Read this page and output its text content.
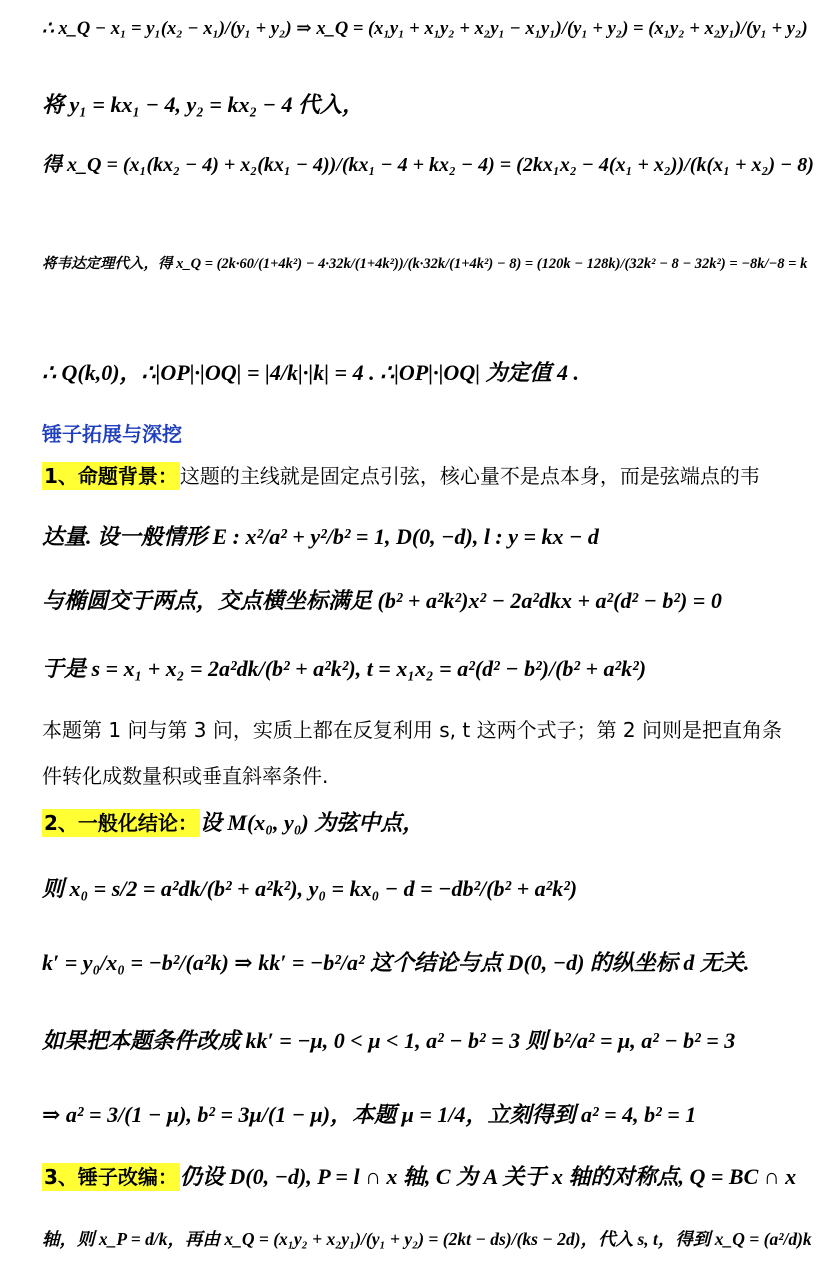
∴ x_Q − x₁ = y₁(x₂ − x₁)/(y₁ + y₂) ⇒ x_Q = (x₁y₁ + x₁y₂ + x₂y₁ − x₁y₁)/(y₁ + y₂) = (x₁y₂ + x₂y₁)/(y₁ + y₂)
将 y₁ = kx₁ − 4, y₂ = kx₂ − 4 代入，
得 x_Q = (x₁(kx₂ − 4) + x₂(kx₁ − 4))/(kx₁ − 4 + kx₂ − 4) = (2kx₁x₂ − 4(x₁ + x₂))/(k(x₁ + x₂) − 8)
将韦达定理代入，得 x_Q = (2k·60/(1+4k²) − 4·32k/(1+4k²))/(k·32k/(1+4k²) − 8) = (120k − 128k)/(32k² − 8 − 32k²) = −8k/−8 = k
∴ Q(k,0)，∴|OP|·|OQ| = |4/k|·|k| = 4 . ∴|OP|·|OQ| 为定值 4 .
锤子拓展与深挖
1、命题背景： 这题的主线就是固定点引弦，核心量不是点本身，而是弦端点的韦
达量. 设一般情形 E : x²/a² + y²/b² = 1, D(0, −d), l : y = kx − d
与椭圆交于两点，交点横坐标满足 (b² + a²k²)x² − 2a²dkx + a²(d² − b²) = 0
于是 s = x₁ + x₂ = 2a²dk/(b² + a²k²), t = x₁x₂ = a²(d² − b²)/(b² + a²k²)
本题第 1 问与第 3 问，实质上都在反复利用 s, t 这两个式子；第 2 问则是把直角条
件转化成数量积或垂直斜率条件.
2、一般化结论：设 M(x₀, y₀) 为弦中点，
则 x₀ = s/2 = a²dk/(b² + a²k²), y₀ = kx₀ − d = −db²/(b² + a²k²)
k′ = y₀/x₀ = −b²/(a²k) ⇒ kk′ = −b²/a² 这个结论与点 D(0, −d) 的纵坐标 d 无关.
如果把本题条件改成 kk′ = −μ, 0 < μ < 1, a² − b² = 3 则 b²/a² = μ, a² − b² = 3
⇒ a² = 3/(1 − μ), b² = 3μ/(1 − μ)，本题 μ = 1/4，立刻得到 a² = 4, b² = 1
3、锤子改编：仍设 D(0, −d), P = l ∩ x 轴, C 为 A 关于 x 轴的对称点, Q = BC ∩ x
轴，则 x_P = d/k，再由 x_Q = (x₁y₂ + x₂y₁)/(y₁ + y₂) = (2kt − ds)/(ks − 2d)，代入 s, t，得到 x_Q = (a²/d)k
